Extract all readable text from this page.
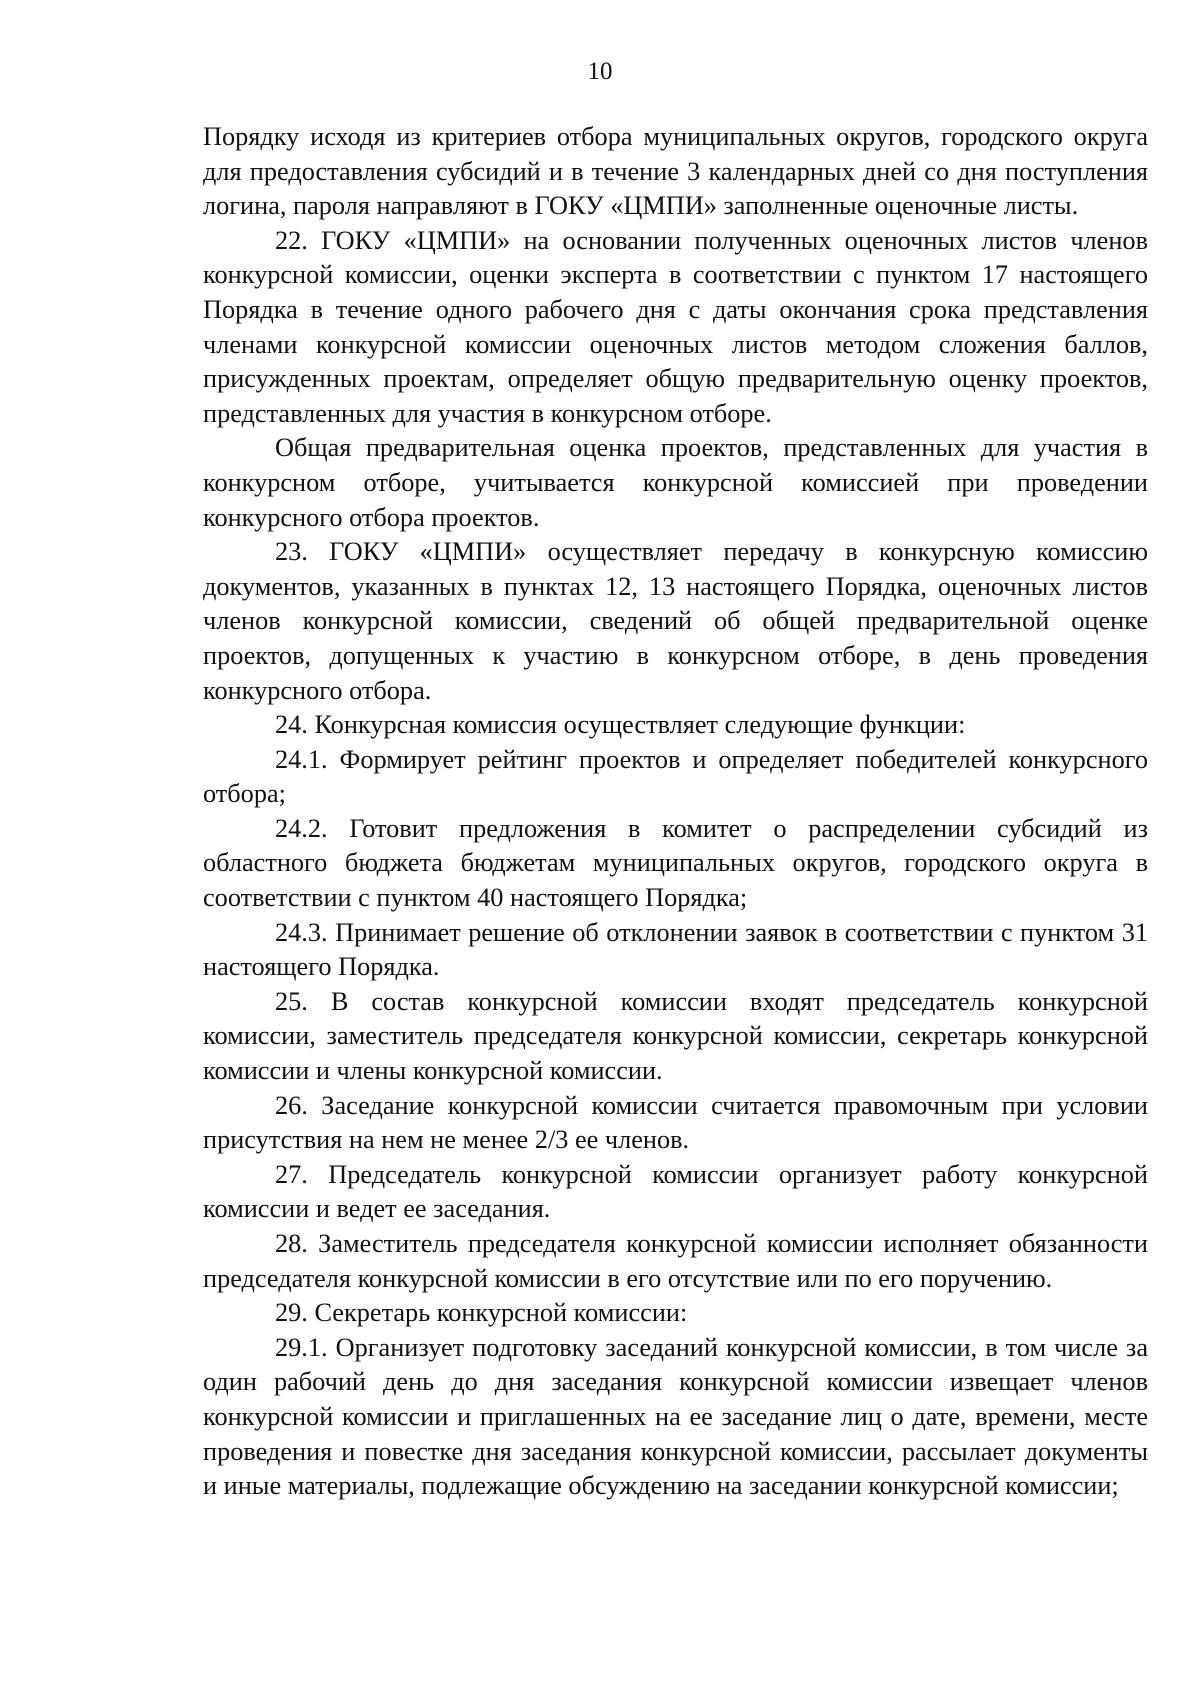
10

Порядку исходя из критериев отбора муниципальных округов, городского округа для предоставления субсидий и в течение 3 календарных дней со дня поступления логина, пароля направляют в ГОКУ «ЦМПИ» заполненные оценочные листы.

22. ГОКУ «ЦМПИ» на основании полученных оценочных листов членов конкурсной комиссии, оценки эксперта в соответствии с пунктом 17 настоящего Порядка в течение одного рабочего дня с даты окончания срока представления членами конкурсной комиссии оценочных листов методом сложения баллов, присужденных проектам, определяет общую предварительную оценку проектов, представленных для участия в конкурсном отборе.

Общая предварительная оценка проектов, представленных для участия в конкурсном отборе, учитывается конкурсной комиссией при проведении конкурсного отбора проектов.

23. ГОКУ «ЦМПИ» осуществляет передачу в конкурсную комиссию документов, указанных в пунктах 12, 13 настоящего Порядка, оценочных листов членов конкурсной комиссии, сведений об общей предварительной оценке проектов, допущенных к участию в конкурсном отборе, в день проведения конкурсного отбора.

24. Конкурсная комиссия осуществляет следующие функции:

24.1. Формирует рейтинг проектов и определяет победителей конкурсного отбора;

24.2. Готовит предложения в комитет о распределении субсидий из областного бюджета бюджетам муниципальных округов, городского округа в соответствии с пунктом 40 настоящего Порядка;

24.3. Принимает решение об отклонении заявок в соответствии с пунктом 31 настоящего Порядка.

25. В состав конкурсной комиссии входят председатель конкурсной комиссии, заместитель председателя конкурсной комиссии, секретарь конкурсной комиссии и члены конкурсной комиссии.

26. Заседание конкурсной комиссии считается правомочным при условии присутствия на нем не менее 2/3 ее членов.

27. Председатель конкурсной комиссии организует работу конкурсной комиссии и ведет ее заседания.

28. Заместитель председателя конкурсной комиссии исполняет обязанности председателя конкурсной комиссии в его отсутствие или по его поручению.

29. Секретарь конкурсной комиссии:

29.1. Организует подготовку заседаний конкурсной комиссии, в том числе за один рабочий день до дня заседания конкурсной комиссии извещает членов конкурсной комиссии и приглашенных на ее заседание лиц о дате, времени, месте проведения и повестке дня заседания конкурсной комиссии, рассылает документы и иные материалы, подлежащие обсуждению на заседании конкурсной комиссии;
